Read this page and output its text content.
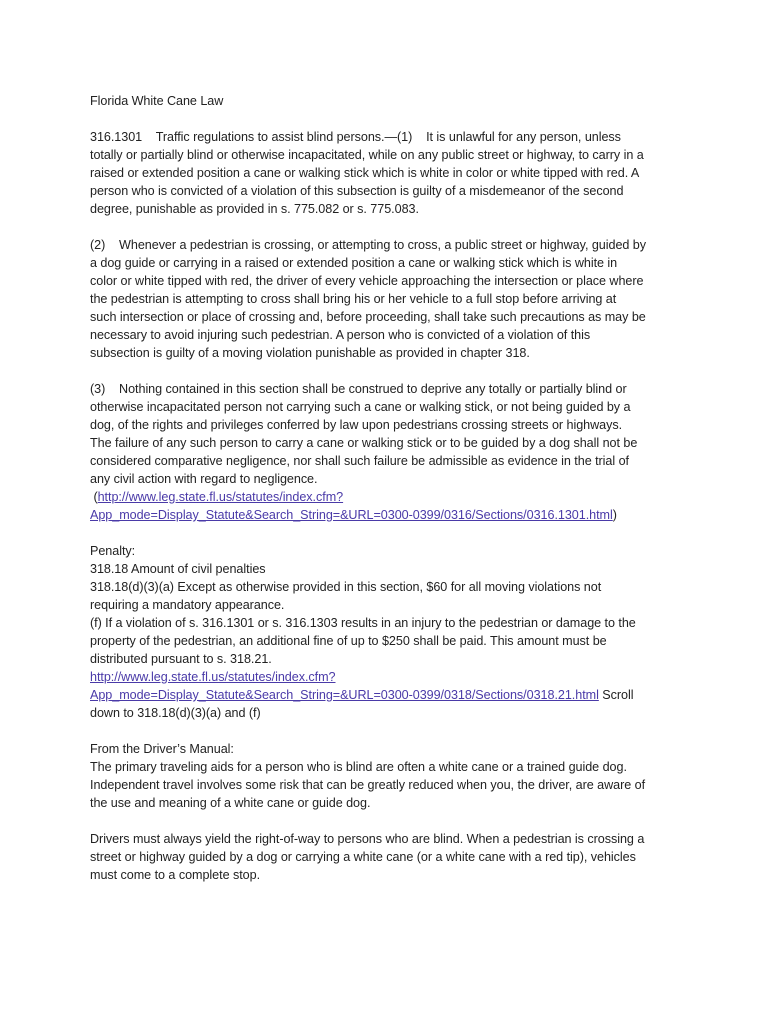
Florida White Cane Law
316.1301    Traffic regulations to assist blind persons.—(1)    It is unlawful for any person, unless
totally or partially blind or otherwise incapacitated, while on any public street or highway, to carry in a
raised or extended position a cane or walking stick which is white in color or white tipped with red. A
person who is convicted of a violation of this subsection is guilty of a misdemeanor of the second
degree, punishable as provided in s. 775.082 or s. 775.083.
(2)    Whenever a pedestrian is crossing, or attempting to cross, a public street or highway, guided by
a dog guide or carrying in a raised or extended position a cane or walking stick which is white in
color or white tipped with red, the driver of every vehicle approaching the intersection or place where
the pedestrian is attempting to cross shall bring his or her vehicle to a full stop before arriving at
such intersection or place of crossing and, before proceeding, shall take such precautions as may be
necessary to avoid injuring such pedestrian. A person who is convicted of a violation of this
subsection is guilty of a moving violation punishable as provided in chapter 318.
(3)    Nothing contained in this section shall be construed to deprive any totally or partially blind or
otherwise incapacitated person not carrying such a cane or walking stick, or not being guided by a
dog, of the rights and privileges conferred by law upon pedestrians crossing streets or highways.
The failure of any such person to carry a cane or walking stick or to be guided by a dog shall not be
considered comparative negligence, nor shall such failure be admissible as evidence in the trial of
any civil action with regard to negligence.
(http://www.leg.state.fl.us/statutes/index.cfm?
App_mode=Display_Statute&Search_String=&URL=0300-0399/0316/Sections/0316.1301.html)
Penalty:
318.18 Amount of civil penalties
318.18(d)(3)(a) Except as otherwise provided in this section, $60 for all moving violations not
requiring a mandatory appearance.
(f) If a violation of s. 316.1301 or s. 316.1303 results in an injury to the pedestrian or damage to the
property of the pedestrian, an additional fine of up to $250 shall be paid. This amount must be
distributed pursuant to s. 318.21.
http://www.leg.state.fl.us/statutes/index.cfm?
App_mode=Display_Statute&Search_String=&URL=0300-0399/0318/Sections/0318.21.html Scroll
down to 318.18(d)(3)(a) and (f)
From the Driver’s Manual:
The primary traveling aids for a person who is blind are often a white cane or a trained guide dog.
Independent travel involves some risk that can be greatly reduced when you, the driver, are aware of
the use and meaning of a white cane or guide dog.
Drivers must always yield the right-of-way to persons who are blind. When a pedestrian is crossing a
street or highway guided by a dog or carrying a white cane (or a white cane with a red tip), vehicles
must come to a complete stop.
